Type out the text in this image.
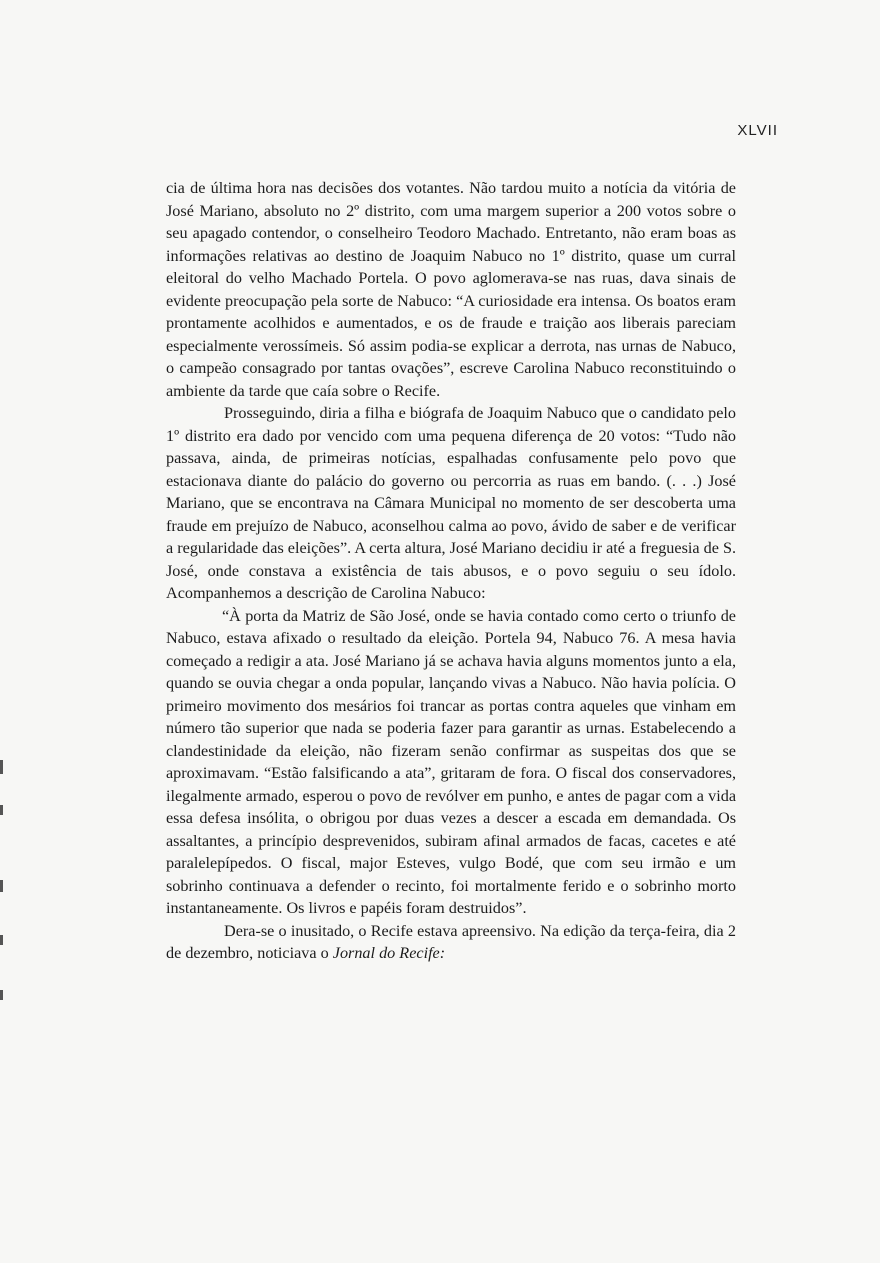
XLVII

cia de última hora nas decisões dos votantes. Não tardou muito a notícia da vitória de José Mariano, absoluto no 2º distrito, com uma margem superior a 200 votos sobre o seu apagado contendor, o conselheiro Teodoro Machado. Entretanto, não eram boas as informações relativas ao destino de Joaquim Nabuco no 1º distrito, quase um curral eleitoral do velho Machado Portela. O povo aglomerava-se nas ruas, dava sinais de evidente preocupação pela sorte de Nabuco: “A curiosidade era intensa. Os boatos eram prontamente acolhidos e aumentados, e os de fraude e traição aos liberais pareciam especialmente verossímeis. Só assim podia-se explicar a derrota, nas urnas de Nabuco, o campeão consagrado por tantas ovações”, escreve Carolina Nabuco reconstituindo o ambiente da tarde que caía sobre o Recife.

Prosseguindo, diria a filha e biógrafa de Joaquim Nabuco que o candidato pelo 1º distrito era dado por vencido com uma pequena diferença de 20 votos: “Tudo não passava, ainda, de primeiras notícias, espalhadas confusamente pelo povo que estacionava diante do palácio do governo ou percorria as ruas em bando. (. . .) José Mariano, que se encontrava na Câmara Municipal no momento de ser descoberta uma fraude em prejuízo de Nabuco, aconselhou calma ao povo, ávido de saber e de verificar a regularidade das eleições”. A certa altura, José Mariano decidiu ir até a freguesia de S. José, onde constava a existência de tais abusos, e o povo seguiu o seu ídolo. Acompanhemos a descrição de Carolina Nabuco:

“À porta da Matriz de São José, onde se havia contado como certo o triunfo de Nabuco, estava afixado o resultado da eleição. Portela 94, Nabuco 76. A mesa havia começado a redigir a ata. José Mariano já se achava havia alguns momentos junto a ela, quando se ouvia chegar a onda popular, lançando vivas a Nabuco. Não havia polícia. O primeiro movimento dos mesários foi trancar as portas contra aqueles que vinham em número tão superior que nada se poderia fazer para garantir as urnas. Estabelecendo a clandestinidade da eleição, não fizeram senão confirmar as suspeitas dos que se aproximavam. “Estão falsificando a ata”, gritaram de fora. O fiscal dos conservadores, ilegalmente armado, esperou o povo de revólver em punho, e antes de pagar com a vida essa defesa insólita, o obrigou por duas vezes a descer a escada em demandada. Os assaltantes, a princípio desprevenidos, subiram afinal armados de facas, cacetes e até paralelepípedos. O fiscal, major Esteves, vulgo Bodé, que com seu irmão e um sobrinho continuava a defender o recinto, foi mortalmente ferido e o sobrinho morto instantaneamente. Os livros e papéis foram destruidos”.

Dera-se o inusitado, o Recife estava apreensivo. Na edição da terça-feira, dia 2 de dezembro, noticiava o Jornal do Recife:
